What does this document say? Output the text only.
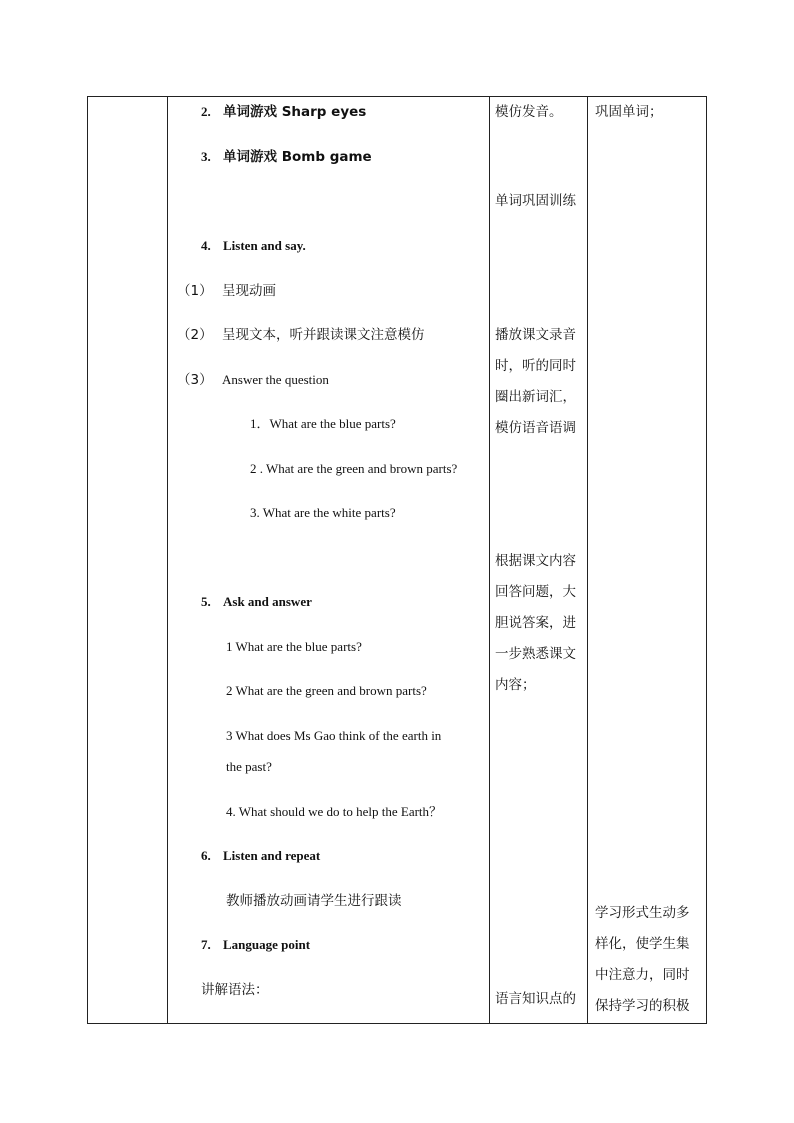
2. 单词游戏 Sharp eyes
3. 单词游戏 Bomb game
4. Listen and say.
（1） 呈现动画
（2） 呈现文本，听并跟读课文注意模仿
（3） Answer the question
1．What are the blue parts?
2 . What are the green and brown parts?
3. What are the white parts?
5. Ask and answer
1 What are the blue parts?
2 What are the green and brown parts?
3 What does Ms Gao think of the earth in
the past?
4. What should we do to help the Earth？
6. Listen and repeat
教师播放动画请学生进行跟读
7. Language point
讲解语法：
模仿发音。
单词巩固训练
播放课文录音时，听的同时圈出新词汇，模仿语音语调
根据课文内容回答问题，大胆说答案，进一步熟悉课文内容；
语言知识点的
巩固单词；
学习形式生动多样化，使学生集中注意力，同时保持学习的积极
